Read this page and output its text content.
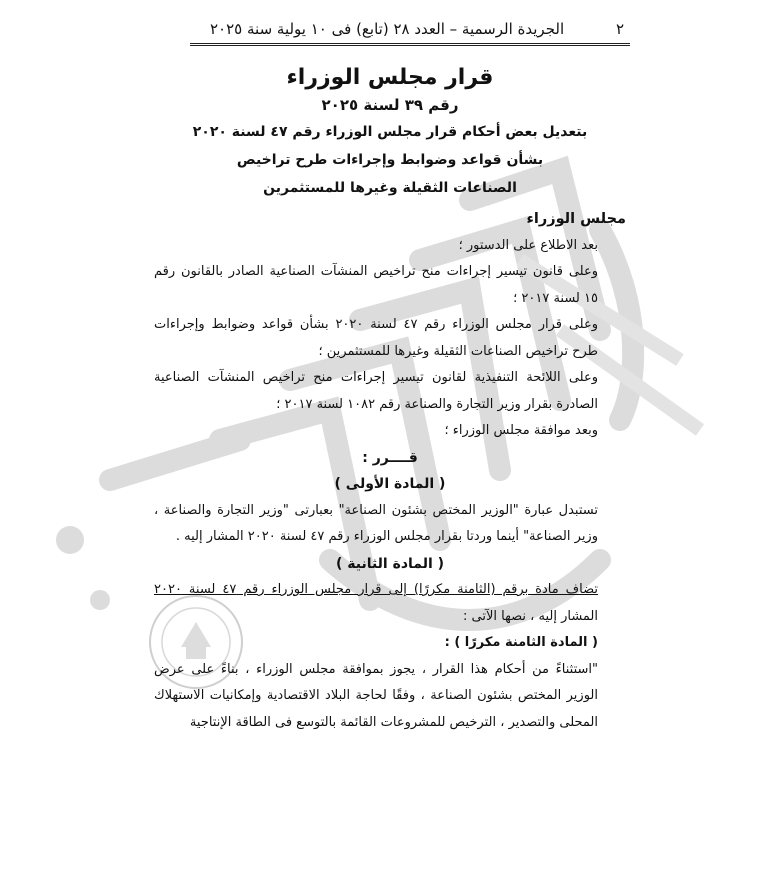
٢
الجريدة الرسمية – العدد ٢٨ (تابع) فى ١٠ يولية سنة ٢٠٢٥
قرار مجلس الوزراء
رقم ٣٩ لسنة ٢٠٢٥
بتعديل بعض أحكام قرار مجلس الوزراء رقم ٤٧ لسنة ٢٠٢٠
بشأن قواعد وضوابط وإجراءات طرح تراخيص
الصناعات الثقيلة وغيرها للمستثمرين
مجلس الوزراء
بعد الاطلاع على الدستور ؛
وعلى قانون تيسير إجراءات منح تراخيص المنشآت الصناعية الصادر بالقانون رقم ١٥ لسنة ٢٠١٧ ؛
وعلى قرار مجلس الوزراء رقم ٤٧ لسنة ٢٠٢٠ بشأن قواعد وضوابط وإجراءات طرح تراخيص الصناعات الثقيلة وغيرها للمستثمرين ؛
وعلى اللائحة التنفيذية لقانون تيسير إجراءات منح تراخيص المنشآت الصناعية الصادرة بقرار وزير التجارة والصناعة رقم ١٠٨٢ لسنة ٢٠١٧ ؛
وبعد موافقة مجلس الوزراء ؛
قــــرر :
( المادة الأولى )
تستبدل عبارة "الوزير المختص بشئون الصناعة" بعبارتى "وزير التجارة والصناعة ، وزير الصناعة" أينما وردتا بقرار مجلس الوزراء رقم ٤٧ لسنة ٢٠٢٠ المشار إليه .
( المادة الثانية )
تضاف مادة برقم (الثامنة مكررًا) إلى قرار مجلس الوزراء رقم ٤٧ لسنة ٢٠٢٠ المشار إليه ، نصها الآتى :
( المادة الثامنة مكررًا ) :
"استثناءً من أحكام هذا القرار ، يجوز بموافقة مجلس الوزراء ، بناءً على عرض الوزير المختص بشئون الصناعة ، وفقًا لحاجة البلاد الاقتصادية وإمكانيات الاستهلاك المحلى والتصدير ، الترخيص للمشروعات القائمة بالتوسع فى الطاقة الإنتاجية
